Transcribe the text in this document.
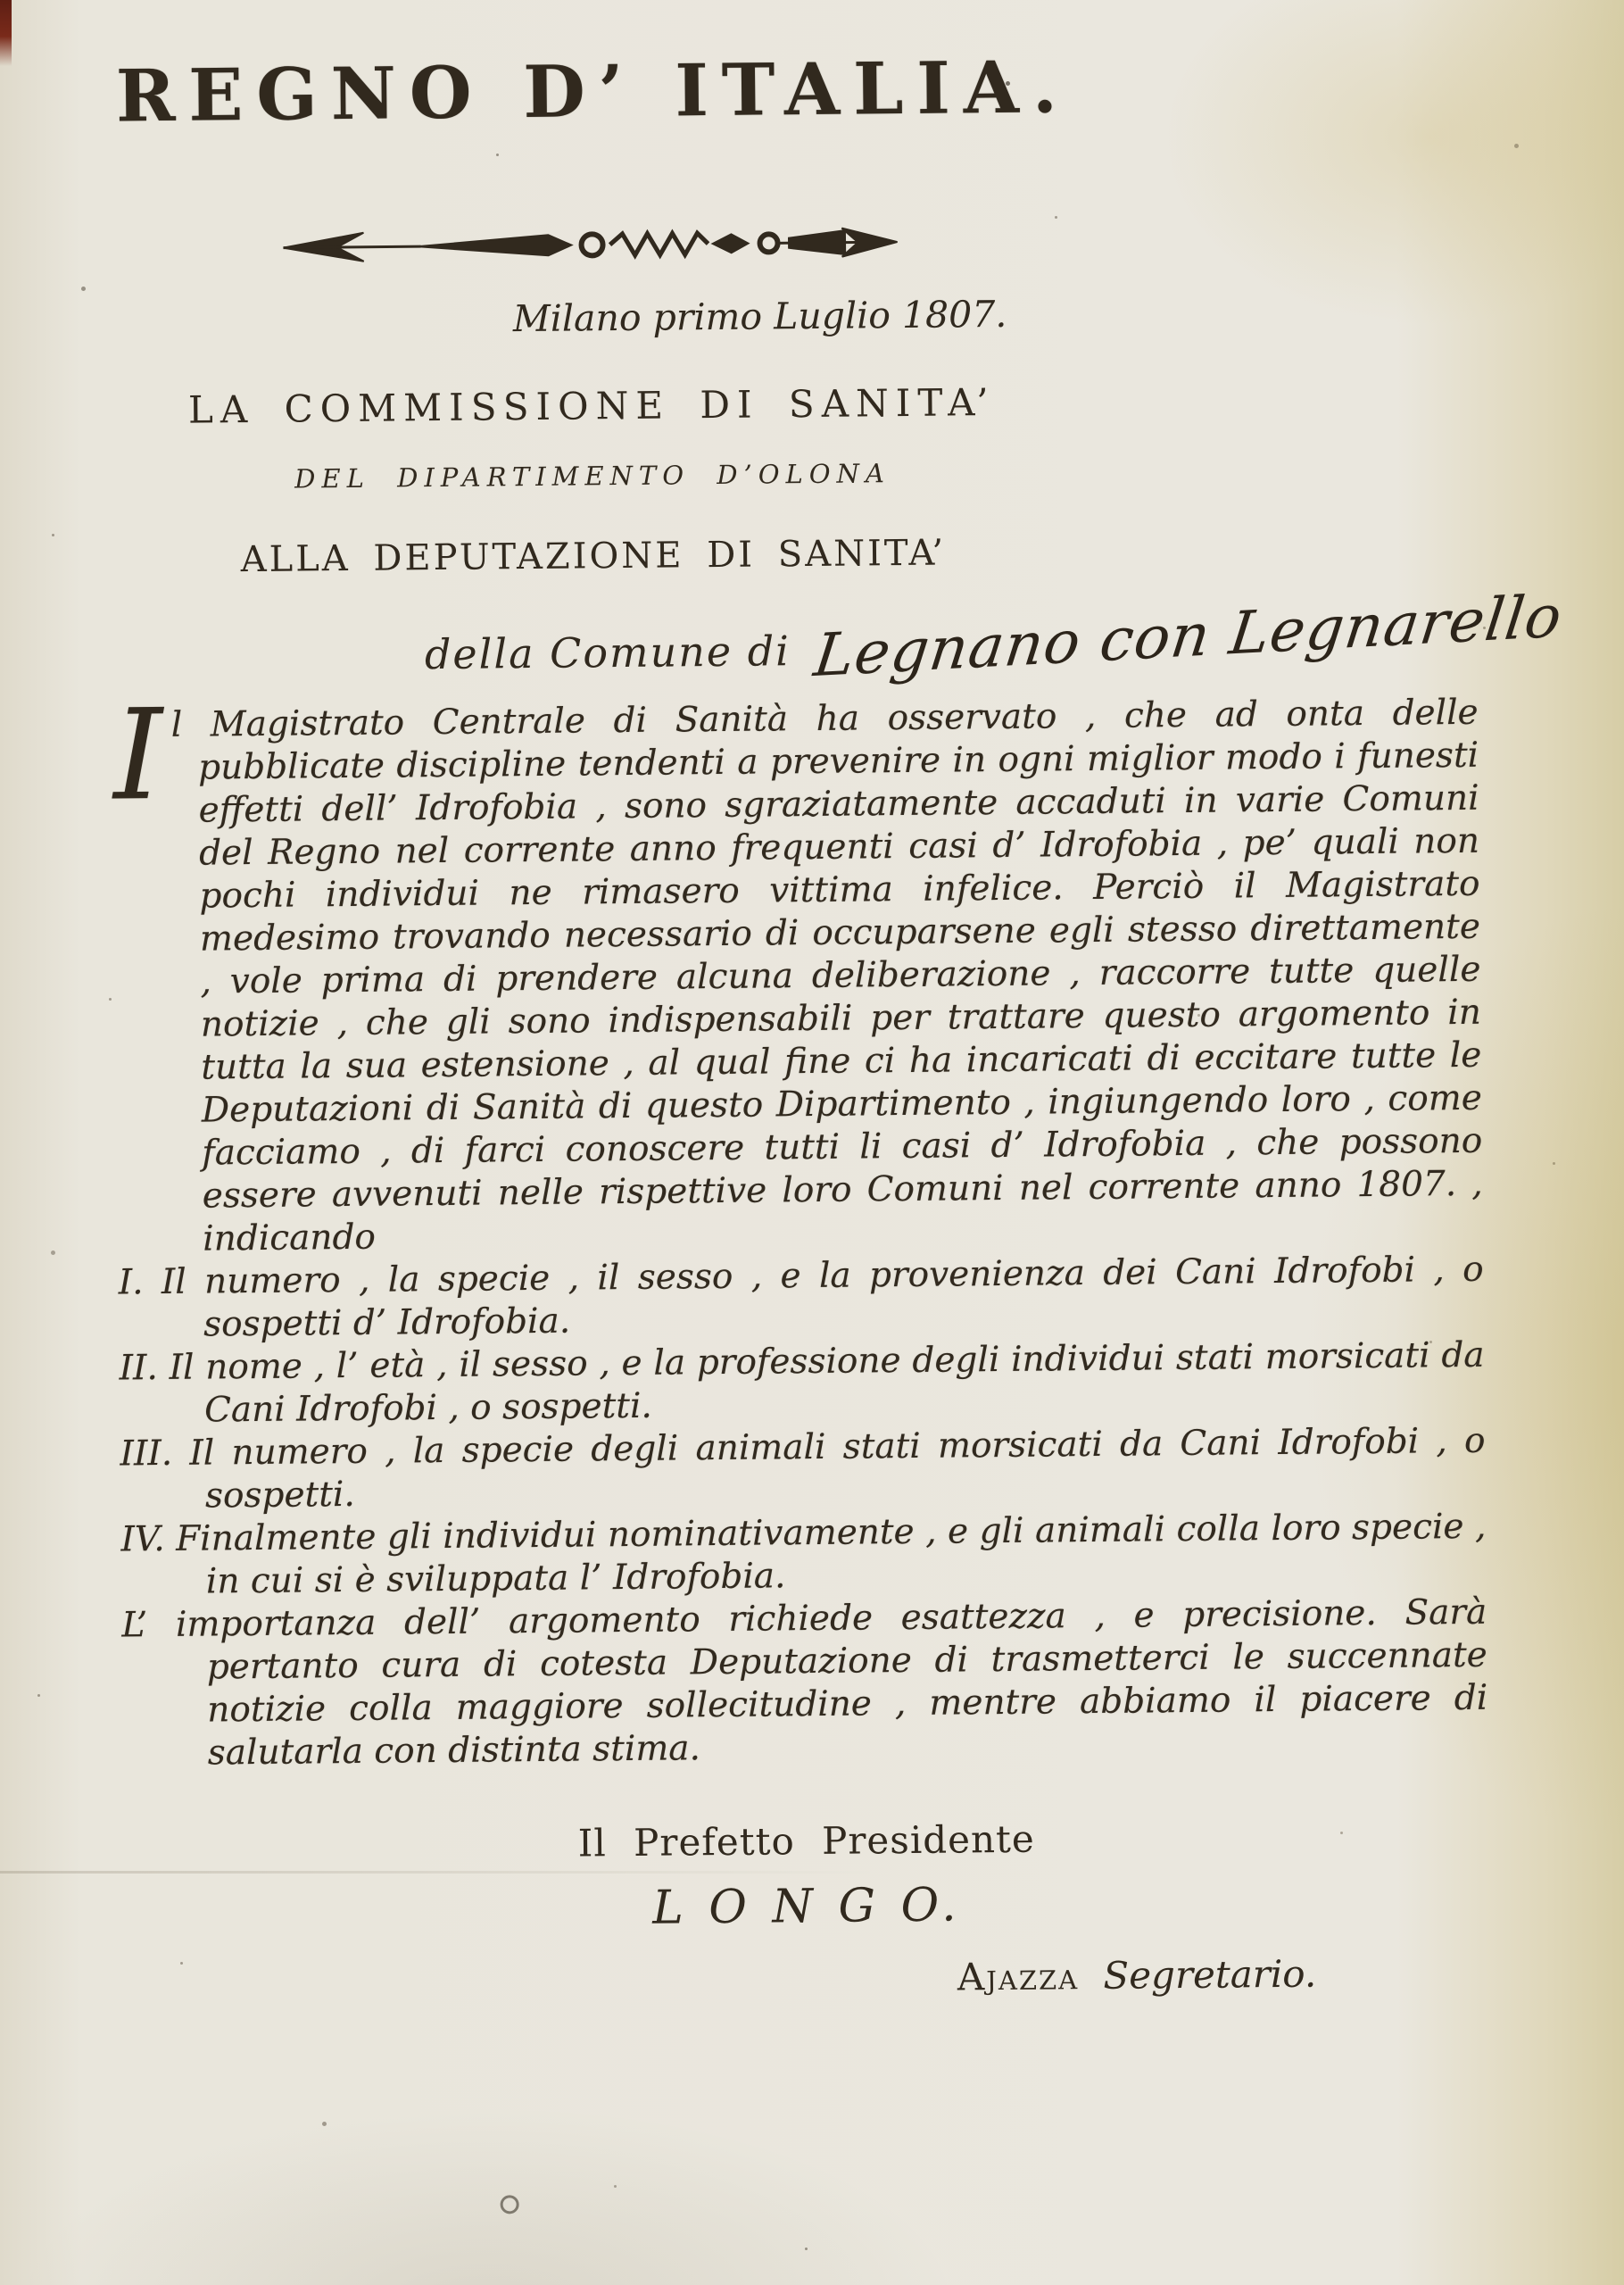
REGNO D’ ITALIA.
Milano primo Luglio 1807.
LA COMMISSIONE DI SANITA’
DEL DIPARTIMENTO D’OLONA
ALLA DEPUTAZIONE DI SANITA’
della Comune di Legnano con Legnarello
I l Magistrato Centrale di Sanità ha osservato , che ad onta delle pubblicate discipline tendenti a prevenire in ogni miglior modo i funesti effetti dell’ Idrofobia , sono sgraziatamente accaduti in varie Comuni del Regno nel corrente anno frequenti casi d’ Idrofobia , pe’ quali non pochi individui ne rimasero vittima infelice. Perciò il Magistrato medesimo trovando necessario di occuparsene egli stesso direttamente , vole prima di prendere alcuna deliberazione , raccorre tutte quelle notizie , che gli sono indispensabili per trattare questo argomento in tutta la sua estensione , al qual fine ci ha incaricati di eccitare tutte le Deputazioni di Sanità di questo Dipartimento , ingiungendo loro , come facciamo , di farci conoscere tutti li casi d’ Idrofobia , che possono essere avvenuti nelle rispettive loro Comuni nel corrente anno 1807. , indicando
I. Il numero , la specie , il sesso , e la provenienza dei Cani Idrofobi , o sospetti d’ Idrofobia.
II. Il nome , l’ età , il sesso , e la professione degli individui stati morsicati da Cani Idrofobi , o sospetti.
III. Il numero , la specie degli animali stati morsicati da Cani Idrofobi , o sospetti.
IV. Finalmente gli individui nominativamente , e gli animali colla loro specie , in cui si è sviluppata l’ Idrofobia.
L’ importanza dell’ argomento richiede esattezza , e precisione. Sarà pertanto cura di cotesta Deputazione di trasmetterci le succennate notizie colla maggiore sollecitudine , mentre abbiamo il piacere di salutarla con distinta stima.
Il Prefetto Presidente
L O N G O.
Ajazza Segretario.
